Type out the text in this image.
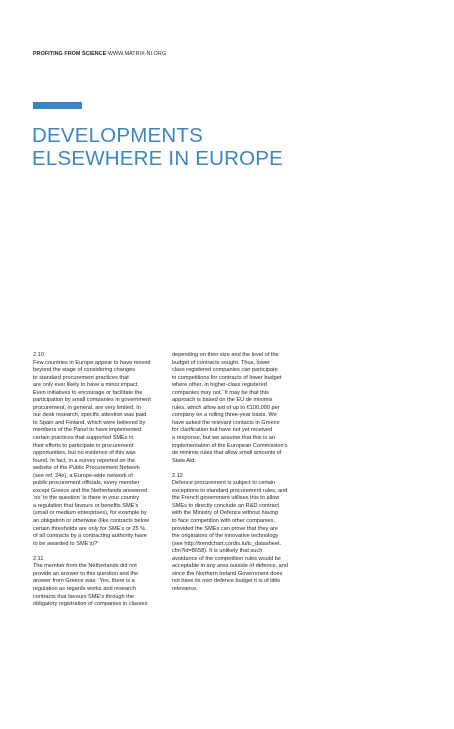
PROFITING FROM SCIENCE WWW.MATRIX-NI.ORG
DEVELOPMENTS
ELSEWHERE IN EUROPE
2.10
Few countries in Europe appear to have moved
beyond the stage of considering changes
to standard procurement practices that
are only ever likely to have a minor impact.
Even initiatives to encourage or facilitate the
participation by small companies in government
procurement, in general, are very limited. In
our desk research, specific attention was paid
to Spain and Finland, which were believed by
members of the Panel to have implemented
certain practices that supported SMEs in
their efforts to participate in procurement
opportunities, but no evidence of this was
found. In fact, in a survey reported on the
website of the Public Procurement Network
(see ref. 24e), a Europe-wide network of
public procurement officials, every member
except Greece and the Netherlands answered
‘no’ to the question ‘is there in your country
a regulation that favours or benefits SME’s
(small or medium enterprises), for example by
an obligation or otherwise (like contracts below
certain thresholds are only for SME’s or 25 %
of all contracts by a contracting authority have
to be awarded to SME’s)?’
2.11
The member from the Netherlands did not
provide an answer to this question and the
answer from Greece was: ‘Yes, there is a
regulation as regards works and research
contracts that favours SME’s through the
obligatory registration of companies in classes
depending on their size and the level of the
budget of contracts sought. Thus, lower
class registered companies can participate
in competitions for contracts of lower budget
where other, in higher-class registered
companies may not.’ It may be that this
approach is based on the EU de minimis
rules, which allow aid of up to €100,000 per
company on a rolling three-year basis. We
have asked the relevant contacts in Greece
for clarification but have not yet received
a response, but we assume that this is an
implementation of the European Commission’s
de minimis rules that allow small amounts of
State Aid.
2.12
Defence procurement is subject to certain
exceptions to standard procurement rules, and
the French government utilises this to allow
SMEs to directly conclude an R&D contract
with the Ministry of Defence without having
to face competition with other companies,
provided the SMEs can prove that they are
the originators of the innovative technology
(see http://trendchart.cordis.lu/tc_datasheet.
cfm?id=8658). It is unlikely that such
avoidance of the competition rules would be
acceptable in any area outside of defence, and
since the Northern Ireland Government does
not have its own defence budget it is of little
relevance.
